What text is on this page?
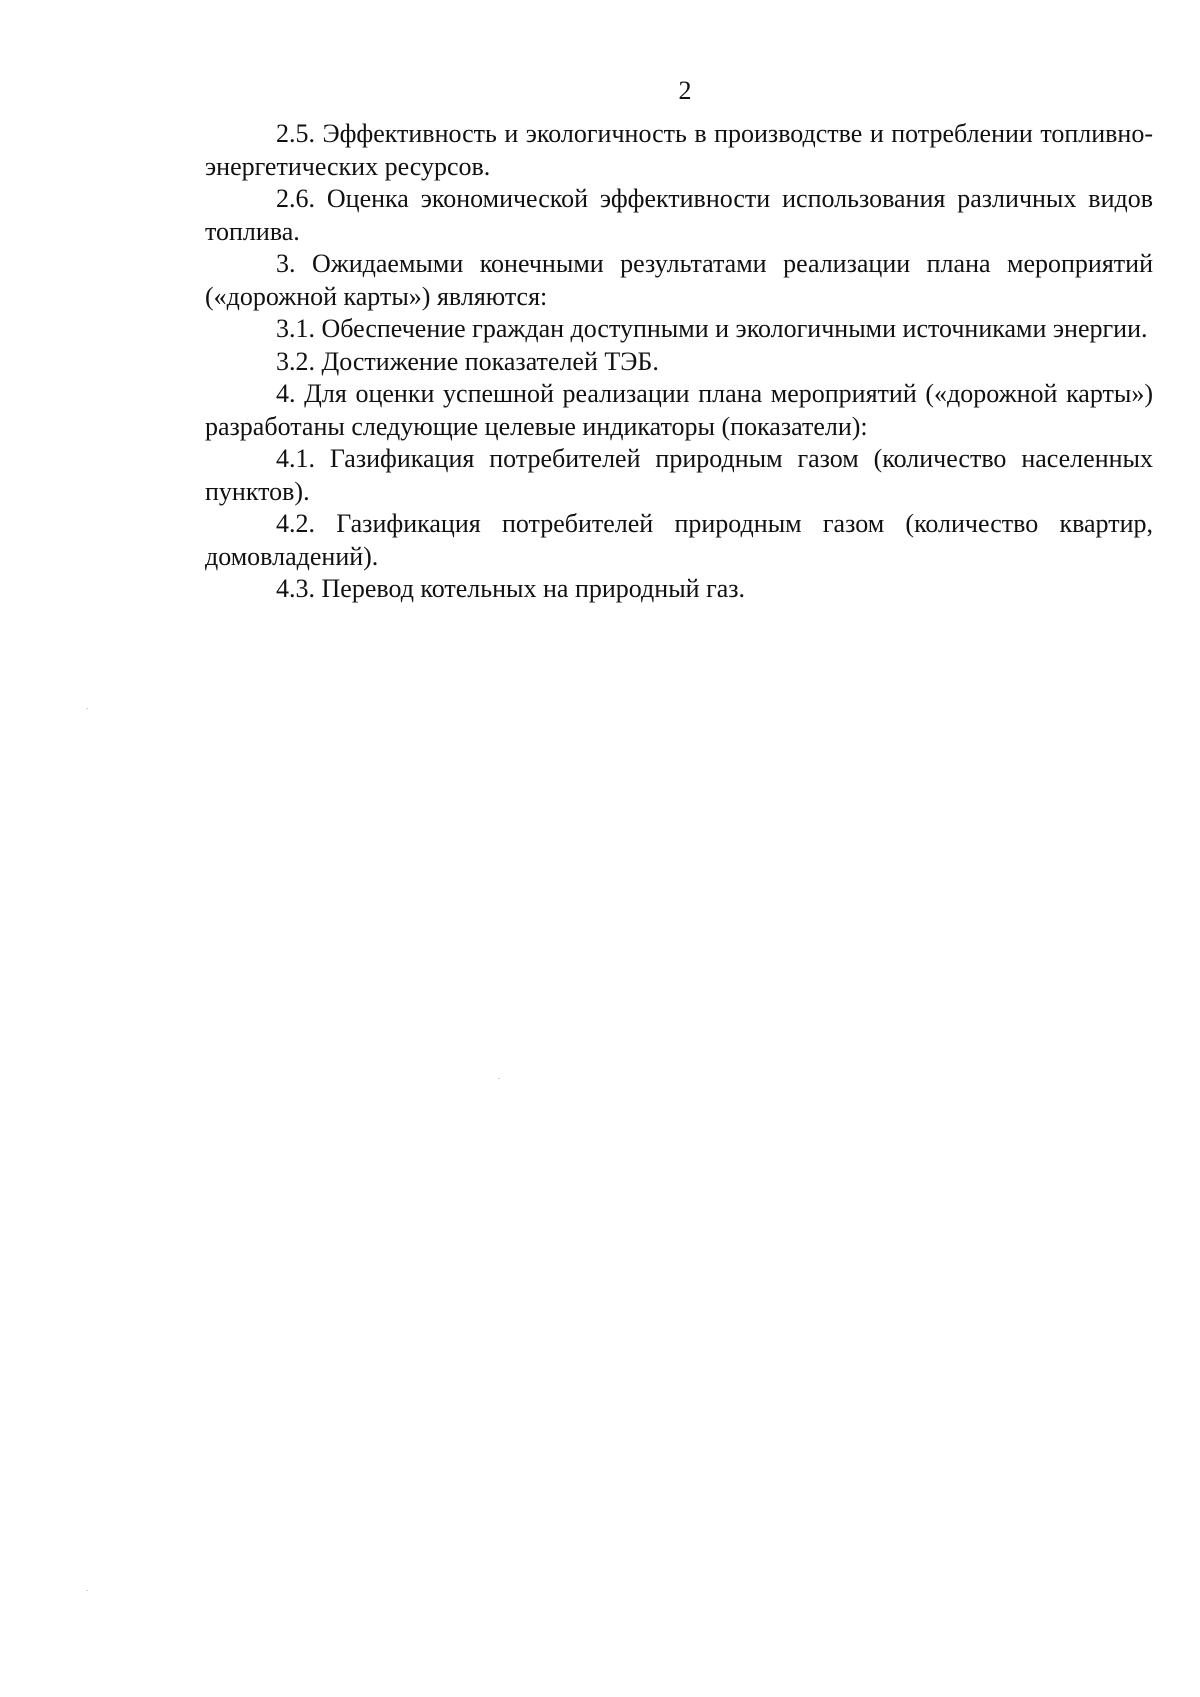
2

2.5. Эффективность и экологичность в производстве и потреблении топливно-энергетических ресурсов.

2.6. Оценка экономической эффективности использования различных видов топлива.

3. Ожидаемыми конечными результатами реализации плана мероприятий («дорожной карты») являются:

3.1. Обеспечение граждан доступными и экологичными источниками энергии.

3.2. Достижение показателей ТЭБ.

4. Для оценки успешной реализации плана мероприятий («дорожной карты») разработаны следующие целевые индикаторы (показатели):

4.1. Газификация потребителей природным газом (количество населенных пунктов).

4.2. Газификация потребителей природным газом (количество квартир, домовладений).

4.3. Перевод котельных на природный газ.
